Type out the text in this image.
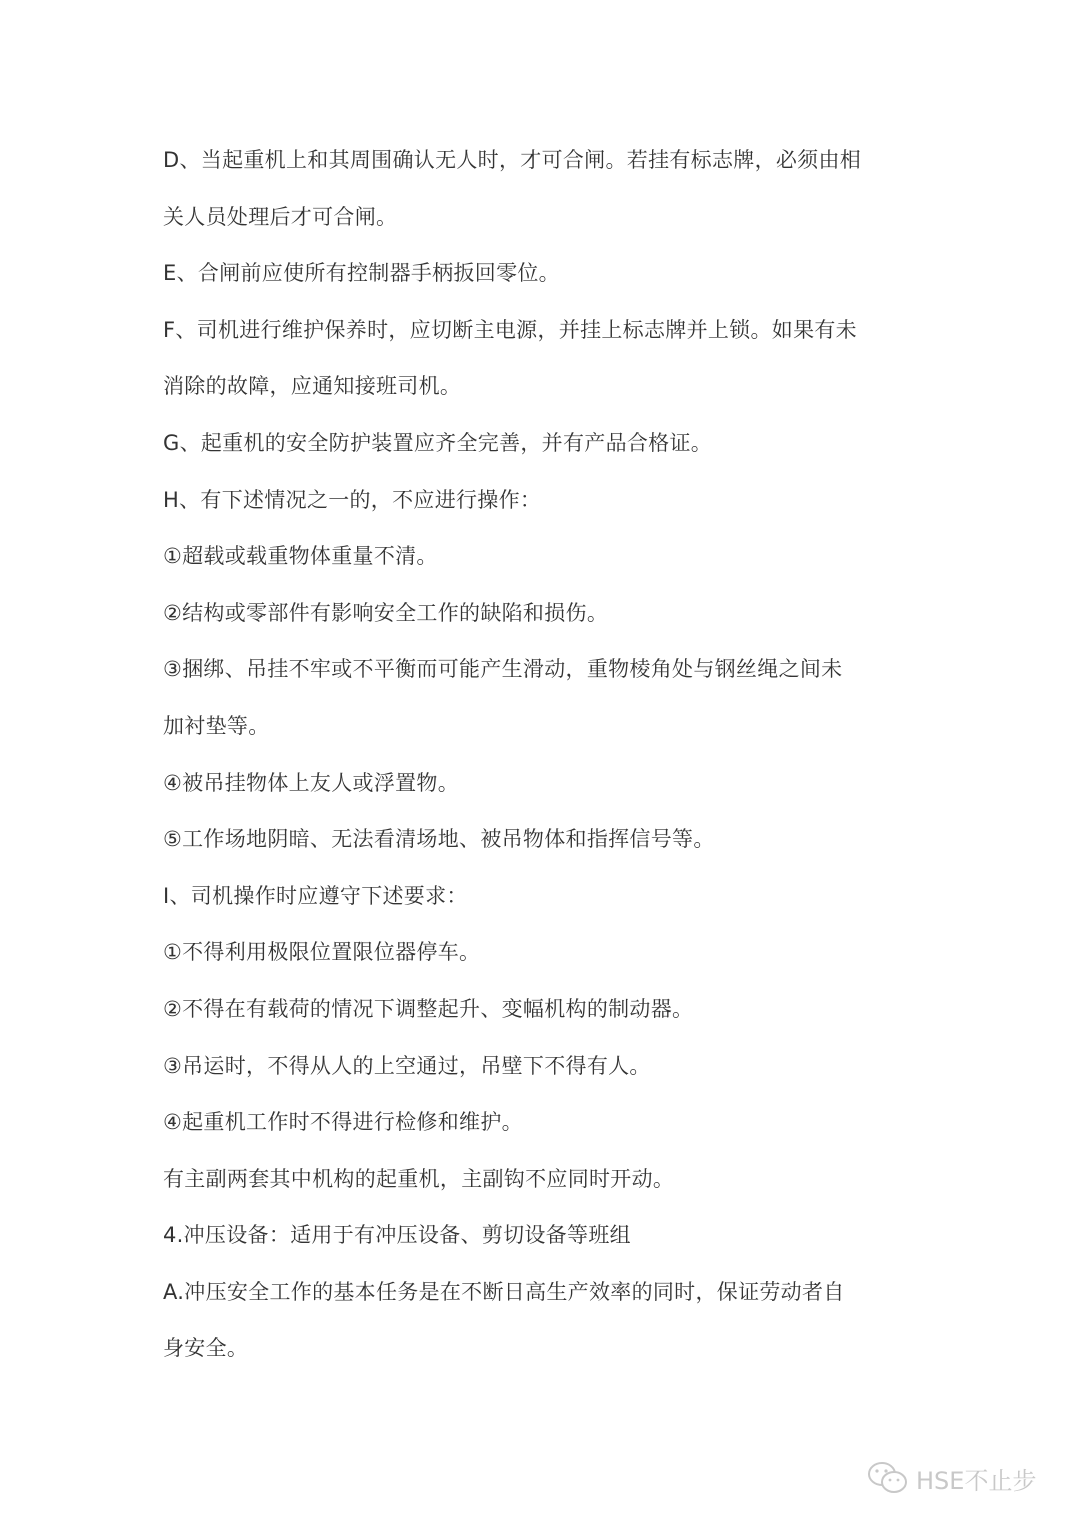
D、当起重机上和其周围确认无人时，才可合闸。若挂有标志牌，必须由相
关人员处理后才可合闸。
E、合闸前应使所有控制器手柄扳回零位。
F、司机进行维护保养时，应切断主电源，并挂上标志牌并上锁。如果有未
消除的故障，应通知接班司机。
G、起重机的安全防护装置应齐全完善，并有产品合格证。
H、有下述情况之一的，不应进行操作：
①超载或载重物体重量不清。
②结构或零部件有影响安全工作的缺陷和损伤。
③捆绑、吊挂不牢或不平衡而可能产生滑动，重物棱角处与钢丝绳之间未
加衬垫等。
④被吊挂物体上友人或浮置物。
⑤工作场地阴暗、无法看清场地、被吊物体和指挥信号等。
I、司机操作时应遵守下述要求：
①不得利用极限位置限位器停车。
②不得在有载荷的情况下调整起升、变幅机构的制动器。
③吊运时，不得从人的上空通过，吊壁下不得有人。
④起重机工作时不得进行检修和维护。
有主副两套其中机构的起重机，主副钩不应同时开动。
4.冲压设备：适用于有冲压设备、剪切设备等班组
A.冲压安全工作的基本任务是在不断日高生产效率的同时，保证劳动者自
身安全。
HSE不止步
